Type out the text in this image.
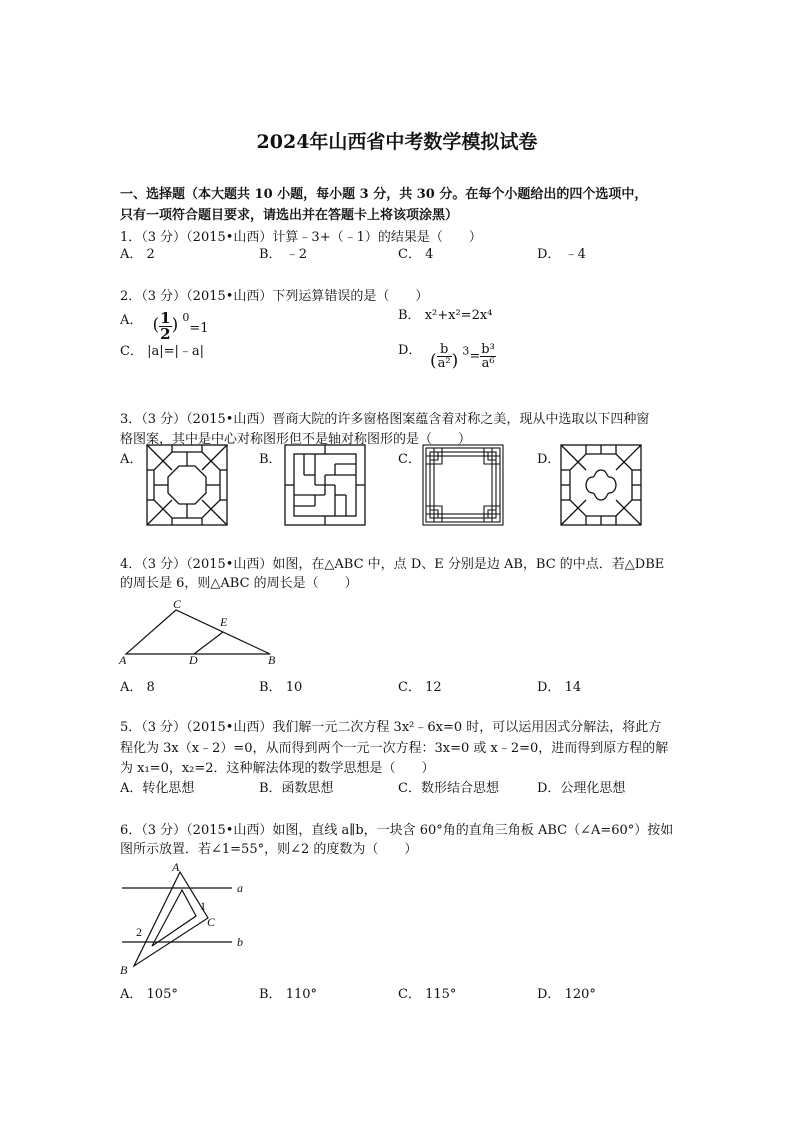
2024年山西省中考数学模拟试卷
一、选择题（本大题共 10 小题，每小题 3 分，共 30 分。在每个小题给出的四个选项中，
只有一项符合题目要求，请选出并在答题卡上将该项涂黑）
1．（3 分）（2015•山西）计算﹣3+（﹣1）的结果是（　　）
A． 2	B． ﹣2	C． 4	D． ﹣4
2．（3 分）（2015•山西）下列运算错误的是（　　）
A． ( $\frac{1}{2}$ ) $^0$=1
B． x²+x²=2x⁴
C． |a|=|﹣a|	D．
( $\frac{b}{\text{a²}}$ ) $^3= \frac{\text{b³}}{\text{a⁶}}$
3．（3 分）（2015•山西）晋商大院的许多窗格图案蕴含着对称之美，现从中选取以下四种窗
格图案，其中是中心对称图形但不是轴对称图形的是（　　）
A．	B．	C．	D．
4．（3 分）（2015•山西）如图，在△ABC 中，点 D、E 分别是边 AB，BC 的中点．若△DBE
的周长是 6，则△ABC 的周长是（　　）
C
E
A	D	B
A． 8	B． 10	C． 12	D． 14
5．（3 分）（2015•山西）我们解一元二次方程 3x²﹣6x=0 时，可以运用因式分解法，将此方
程化为 3x（x﹣2）=0，从而得到两个一元一次方程：3x=0 或 x﹣2=0，进而得到原方程的解
为 x₁=0，x₂=2．这种解法体现的数学思想是（　　）
A．转化思想	B．函数思想	C．数形结合思想	D．公理化思想
6．（3 分）（2015•山西）如图，直线 a∥b，一块含 60°角的直角三角板 ABC（∠A=60°）按如
图所示放置．若∠1=55°，则∠2 的度数为（　　）
A
a
1
C
2
b
B
A． 105°	B． 110°	C． 115°	D． 120°
